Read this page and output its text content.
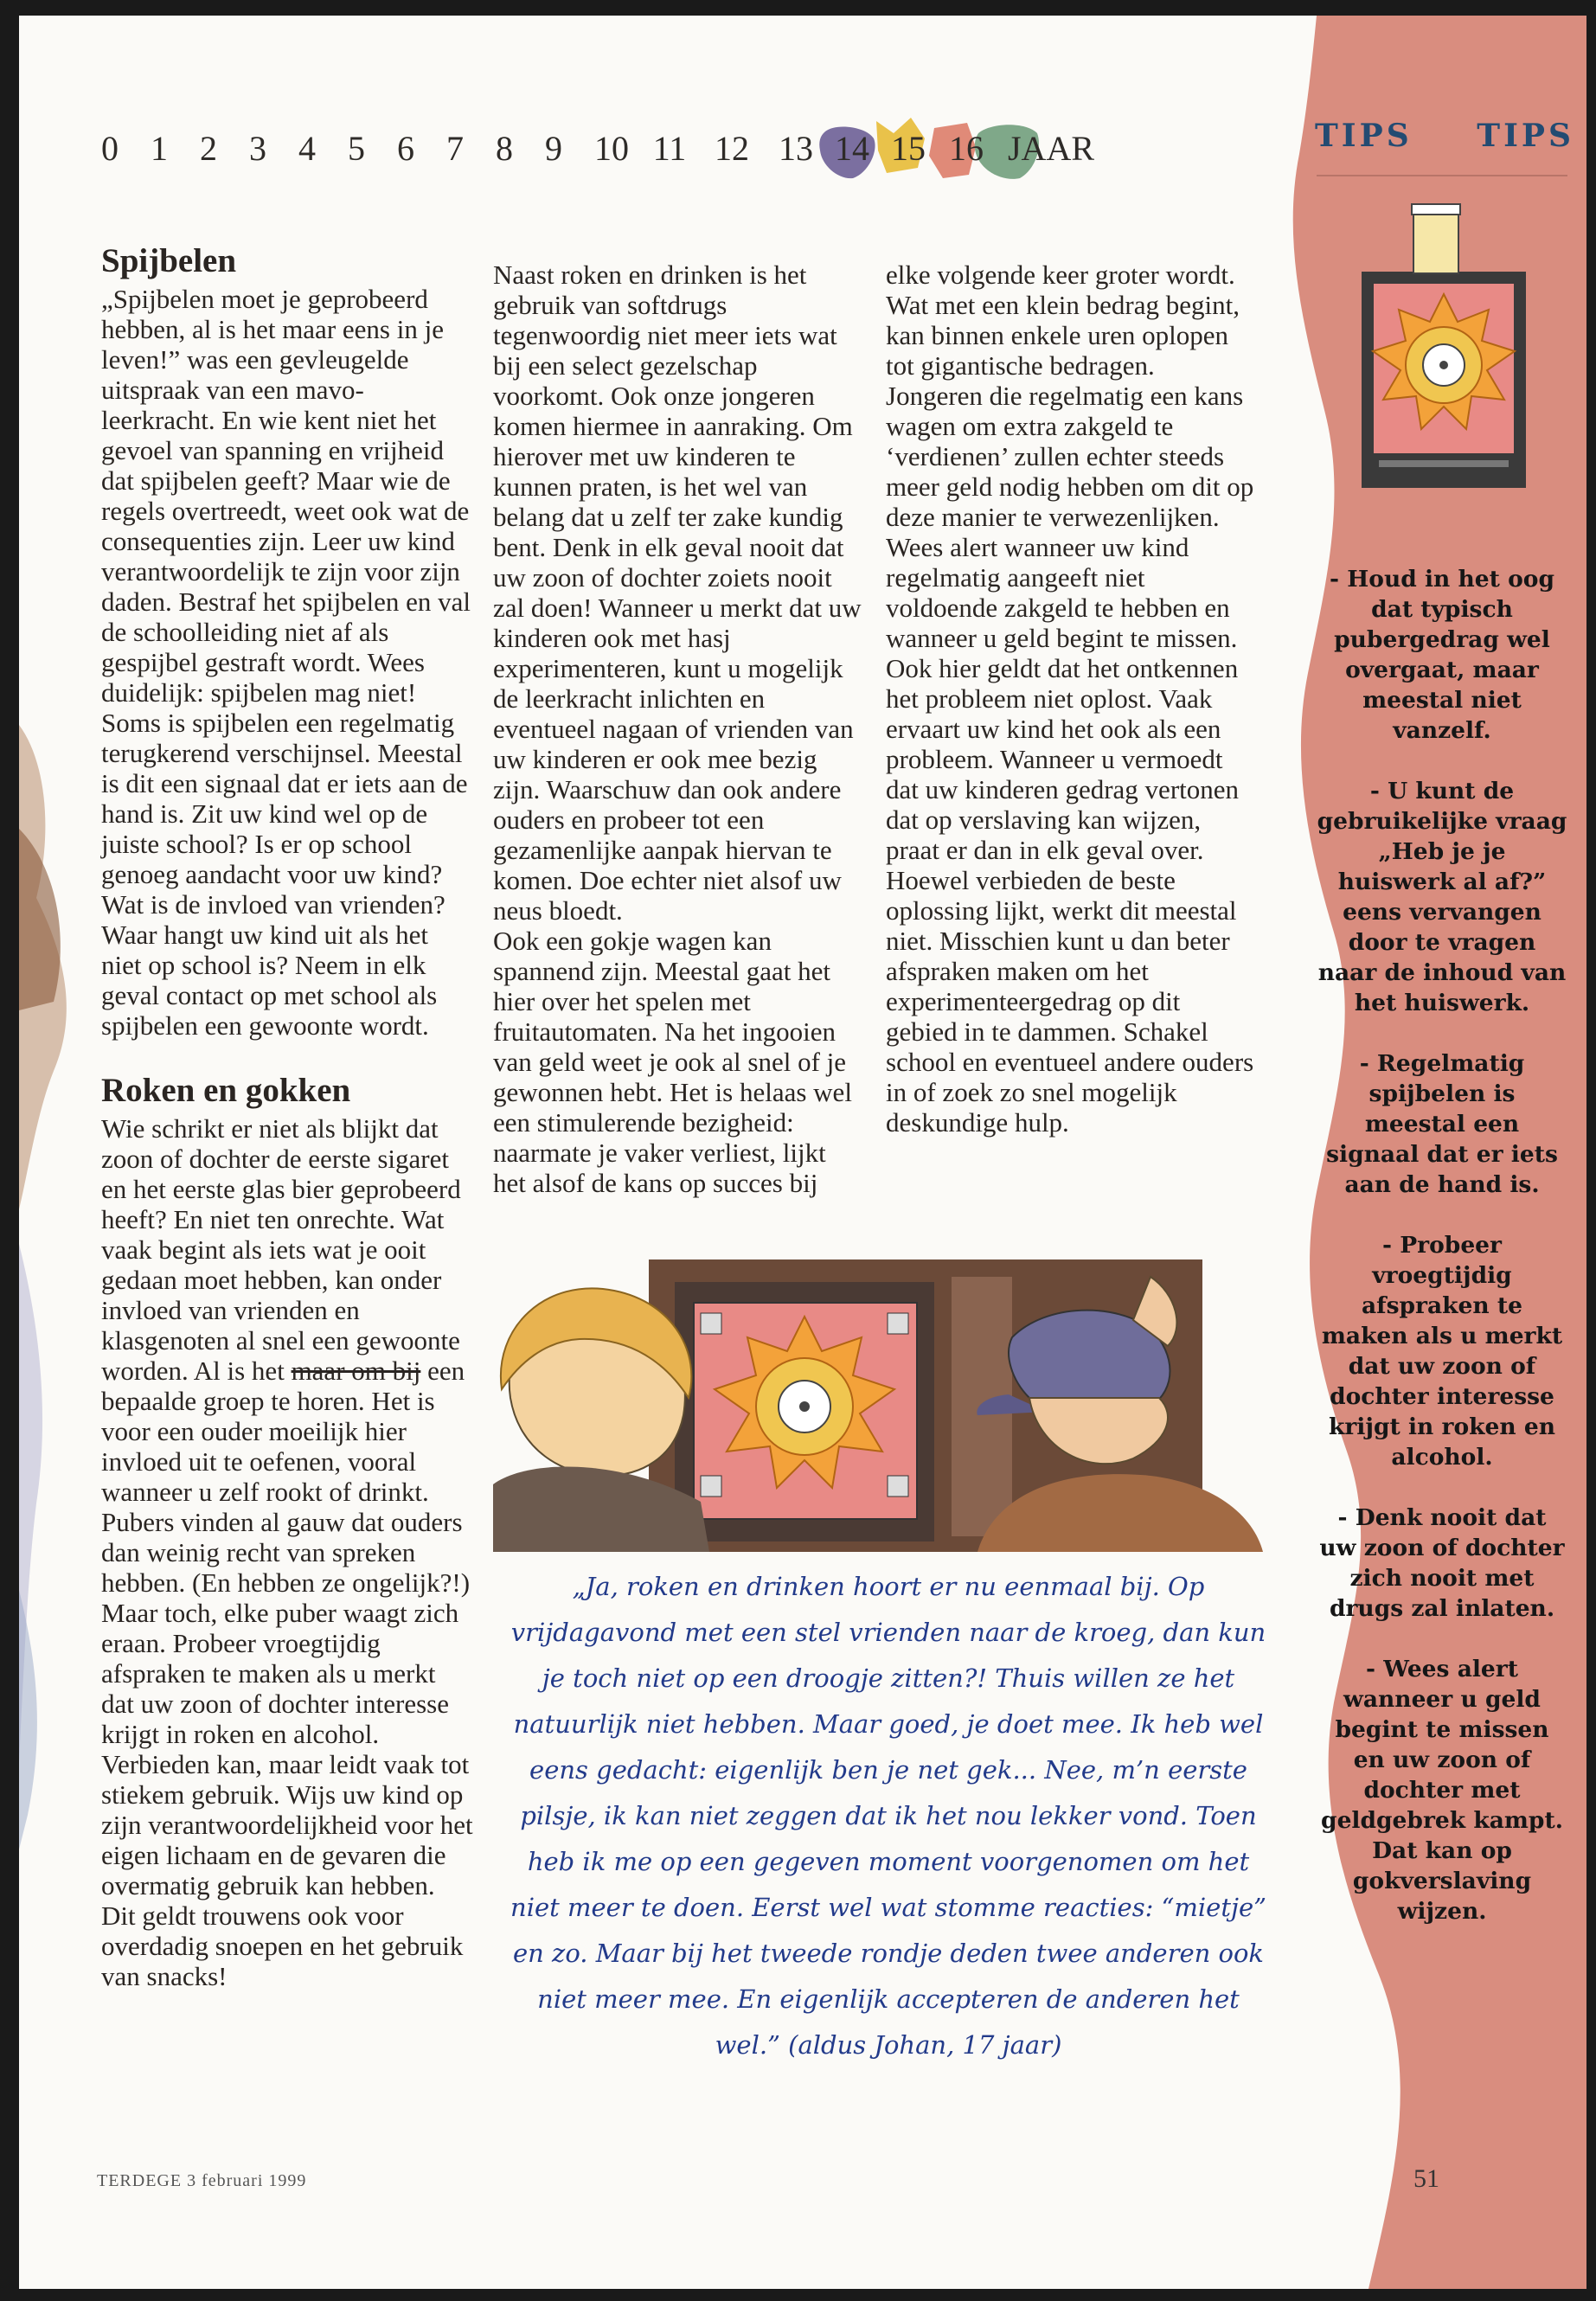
0 1 2 3 4 5 6 7 8 9 10 11 12 13 14 15 16 JAAR	TIPS TIPS
- Houd in het oog dat typisch pubergedrag wel overgaat, maar meestal niet vanzelf.
- U kunt de gebruikelijke vraag „Heb je je huiswerk al af?” eens vervangen door te vragen naar de inhoud van het huiswerk.
- Regelmatig spijbelen is meestal een signaal dat er iets aan de hand is.
- Probeer vroegtijdig afspraken te maken als u merkt dat uw zoon of dochter interesse krijgt in roken en alcohol.
- Denk nooit dat uw zoon of dochter zich nooit met drugs zal inlaten.
- Wees alert wanneer u geld begint te missen en uw zoon of dochter met geldgebrek kampt. Dat kan op gokverslaving wijzen.
Spijbelen

„Spijbelen moet je geprobeerd hebben, al is het maar eens in je leven!” was een gevleugelde uitspraak van een mavo-leerkracht. En wie kent niet het gevoel van spanning en vrijheid dat spijbelen geeft? Maar wie de regels overtreedt, weet ook wat de consequenties zijn. Leer uw kind verantwoordelijk te zijn voor zijn daden. Bestraf het spijbelen en val de schoolleiding niet af als gespijbel gestraft wordt. Wees duidelijk: spijbelen mag niet! Soms is spijbelen een regelmatig terugkerend verschijnsel. Meestal is dit een signaal dat er iets aan de hand is. Zit uw kind wel op de juiste school? Is er op school genoeg aandacht voor uw kind? Wat is de invloed van vrienden? Waar hangt uw kind uit als het niet op school is? Neem in elk geval contact op met school als spijbelen een gewoonte wordt.

Roken en gokken

Wie schrikt er niet als blijkt dat zoon of dochter de eerste sigaret en het eerste glas bier geprobeerd heeft? En niet ten onrechte. Wat vaak begint als iets wat je ooit gedaan moet hebben, kan onder invloed van vrienden en klasgenoten al snel een gewoonte worden. Al is het maar om bij een bepaalde groep te horen. Het is voor een ouder moeilijk hier invloed uit te oefenen, vooral wanneer u zelf rookt of drinkt. Pubers vinden al gauw dat ouders dan weinig recht van spreken hebben. (En hebben ze ongelijk?!)

Maar toch, elke puber waagt zich eraan. Probeer vroegtijdig afspraken te maken als u merkt dat uw zoon of dochter interesse krijgt in roken en alcohol. Verbieden kan, maar leidt vaak tot stiekem gebruik. Wijs uw kind op zijn verantwoordelijkheid voor het eigen lichaam en de gevaren die overmatig gebruik kan hebben. Dit geldt trouwens ook voor overdadig snoepen en het gebruik van snacks!

Naast roken en drinken is het gebruik van softdrugs tegenwoordig niet meer iets wat bij een select gezelschap voorkomt. Ook onze jongeren komen hiermee in aanraking. Om hierover met uw kinderen te kunnen praten, is het wel van belang dat u zelf ter zake kundig bent. Denk in elk geval nooit dat uw zoon of dochter zoiets nooit zal doen! Wanneer u merkt dat uw kinderen ook met hasj experimenteren, kunt u mogelijk de leerkracht inlichten en eventueel nagaan of vrienden van uw kinderen er ook mee bezig zijn. Waarschuw dan ook andere ouders en probeer tot een gezamenlijke aanpak hiervan te komen. Doe echter niet alsof uw neus bloedt.

Ook een gokje wagen kan spannend zijn. Meestal gaat het hier over het spelen met fruitautomaten. Na het ingooien van geld weet je ook al snel of je gewonnen hebt. Het is helaas wel een stimulerende bezigheid: naarmate je vaker verliest, lijkt het alsof de kans op succes bij

elke volgende keer groter wordt. Wat met een klein bedrag begint, kan binnen enkele uren oplopen tot gigantische bedragen. Jongeren die regelmatig een kans wagen om extra zakgeld te ‘verdienen’ zullen echter steeds meer geld nodig hebben om dit op deze manier te verwezenlijken. Wees alert wanneer uw kind regelmatig aangeeft niet voldoende zakgeld te hebben en wanneer u geld begint te missen.

Ook hier geldt dat het ontkennen het probleem niet oplost. Vaak ervaart uw kind het ook als een probleem. Wanneer u vermoedt dat uw kinderen gedrag vertonen dat op verslaving kan wijzen, praat er dan in elk geval over. Hoewel verbieden de beste oplossing lijkt, werkt dit meestal niet. Misschien kunt u dan beter afspraken maken om het experimenteergedrag op dit gebied in te dammen. Schakel school en eventueel andere ouders in of zoek zo snel mogelijk deskundige hulp.

„Ja, roken en drinken hoort er nu eenmaal bij. Op vrijdagavond met een stel vrienden naar de kroeg, dan kun je toch niet op een droogje zitten?! Thuis willen ze het natuurlijk niet hebben. Maar goed, je doet mee. Ik heb wel eens gedacht: eigenlijk ben je net gek... Nee, m’n eerste pilsje, ik kan niet zeggen dat ik het nou lekker vond. Toen heb ik me op een gegeven moment voorgenomen om het niet meer te doen. Eerst wel wat stomme reacties: “mietje” en zo. Maar bij het tweede rondje deden twee anderen ook niet meer mee. En eigenlijk accepteren de anderen het wel.” (aldus Johan, 17 jaar)
TERDEGE 3 februari 1999	51
